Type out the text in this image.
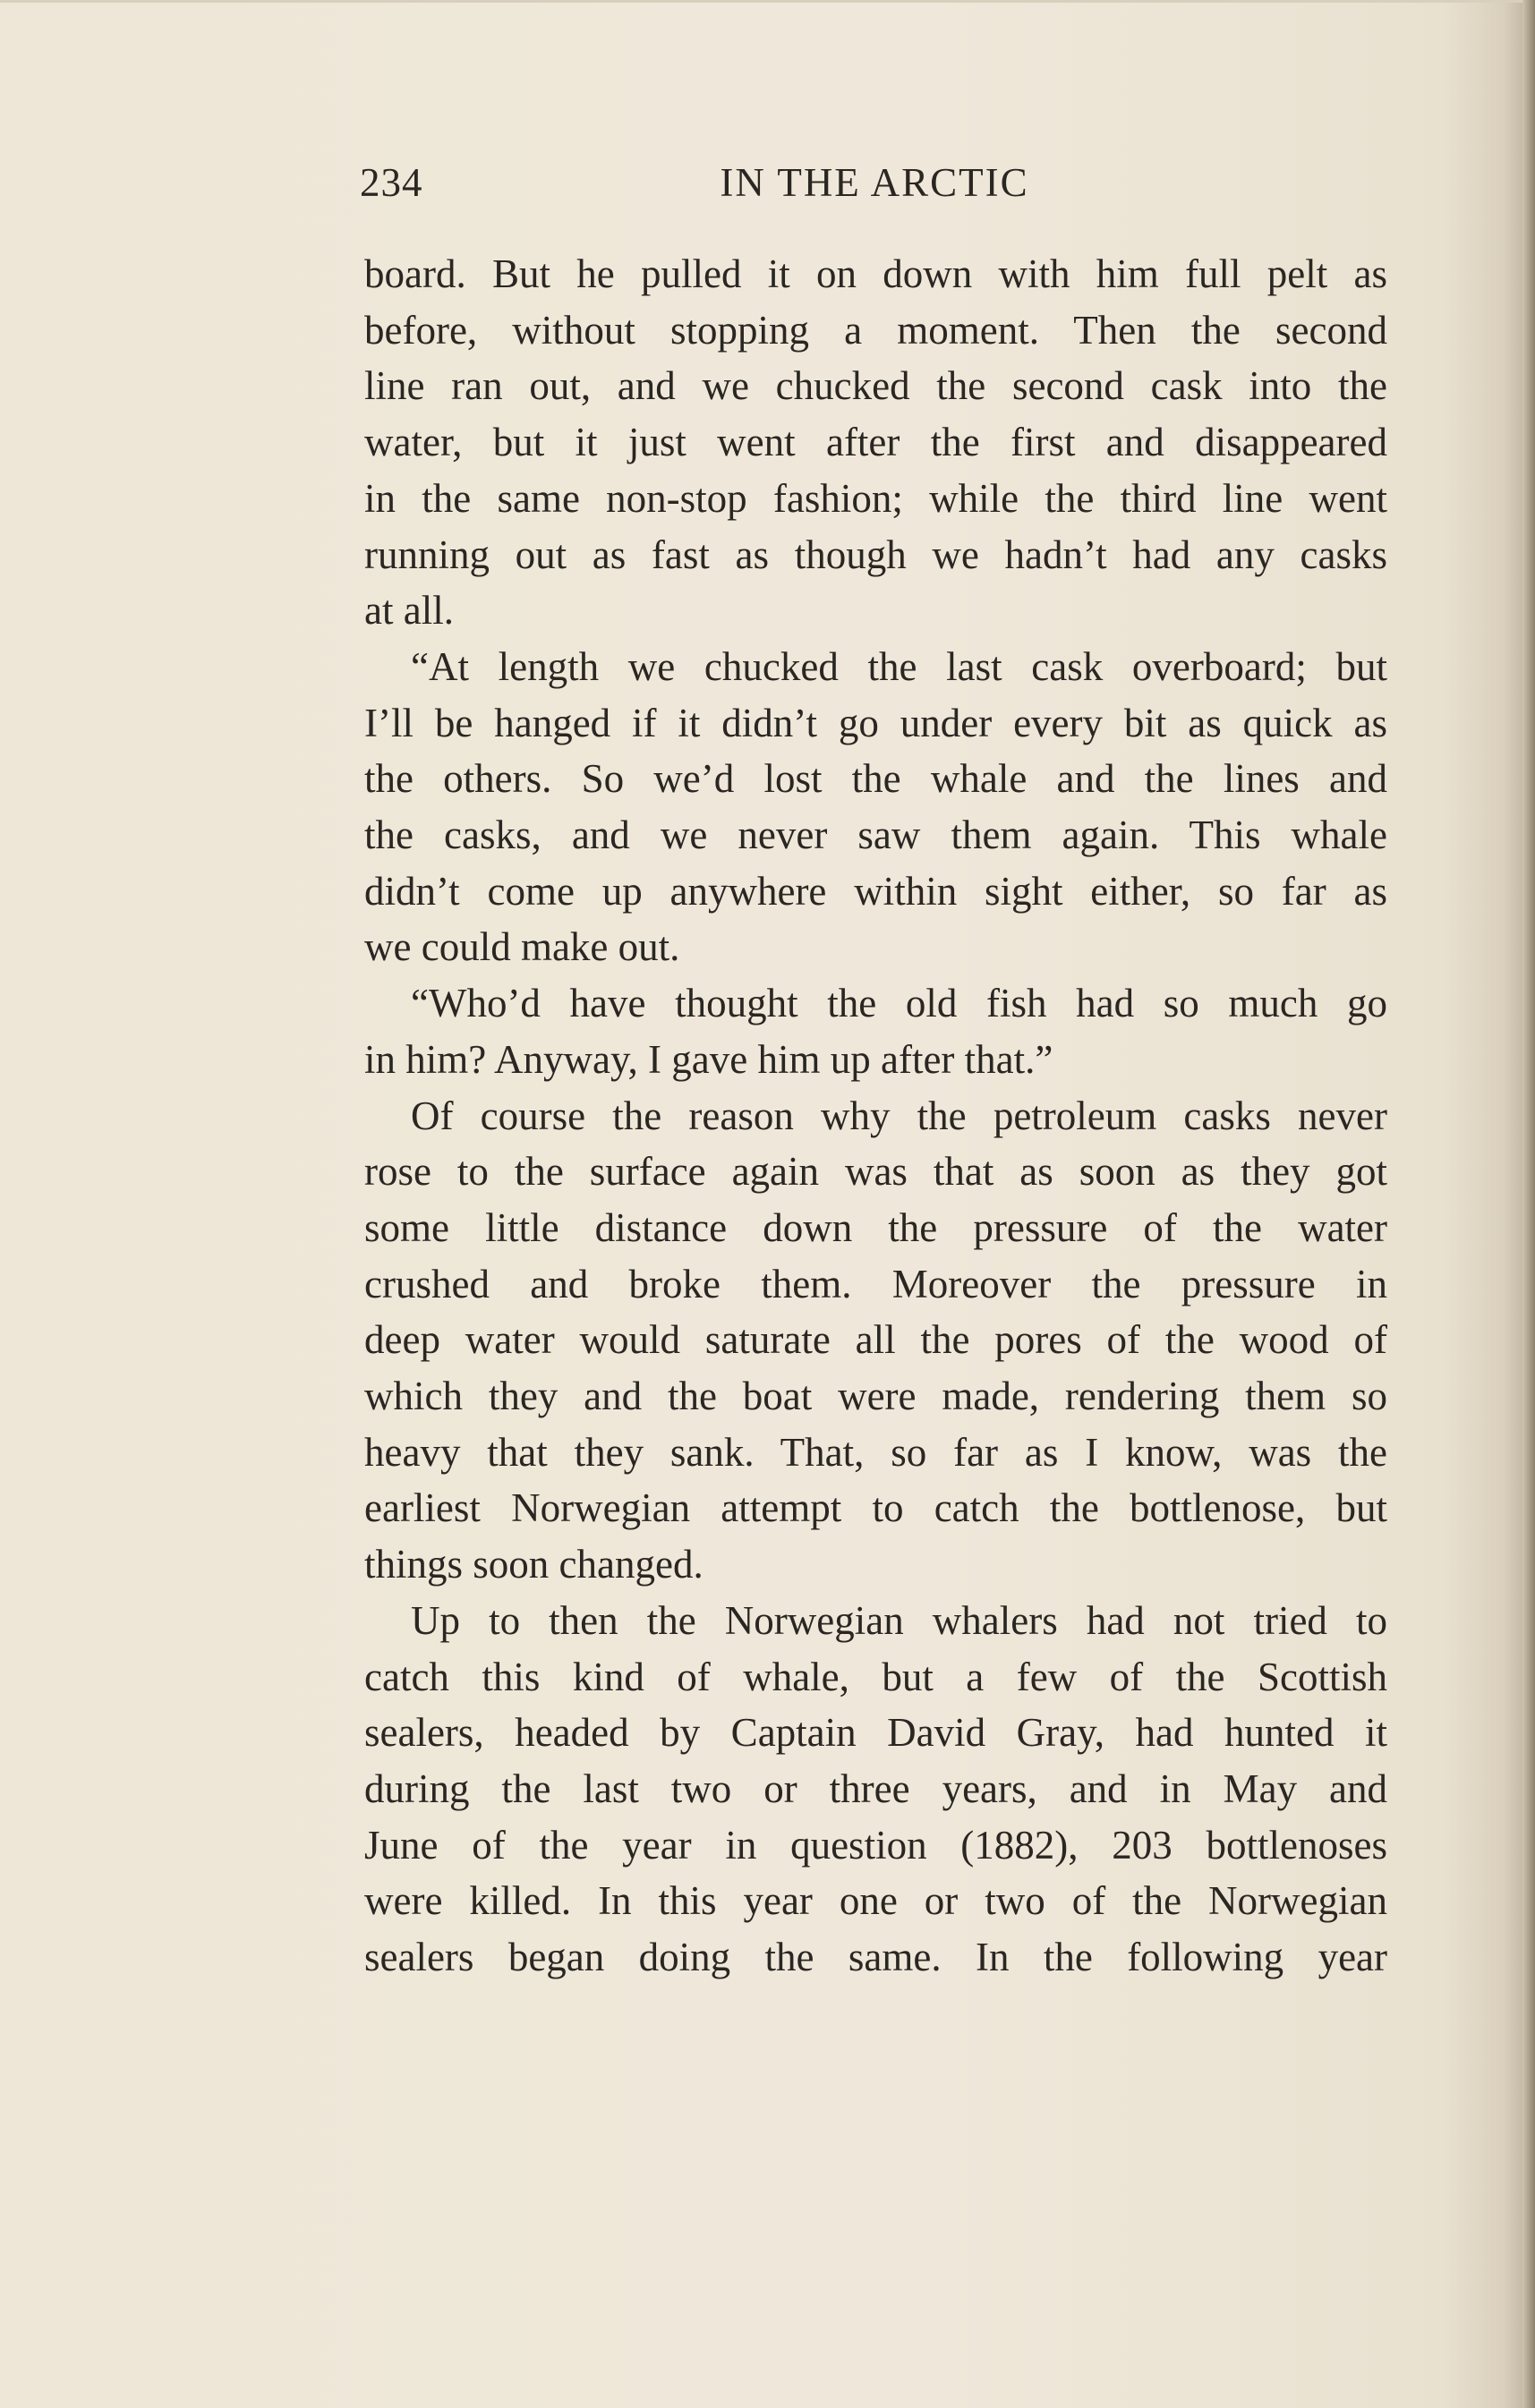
234	IN THE ARCTIC
board. But he pulled it on down with him full pelt as
before, without stopping a moment. Then the second
line ran out, and we chucked the second cask into the
water, but it just went after the first and disappeared
in the same non-stop fashion; while the third line went
running out as fast as though we hadn’t had any casks
at all.
“At length we chucked the last cask overboard; but
I’ll be hanged if it didn’t go under every bit as quick as
the others. So we’d lost the whale and the lines and
the casks, and we never saw them again. This whale
didn’t come up anywhere within sight either, so far as
we could make out.
“Who’d have thought the old fish had so much go
in him? Anyway, I gave him up after that.”
Of course the reason why the petroleum casks never
rose to the surface again was that as soon as they got
some little distance down the pressure of the water
crushed and broke them. Moreover the pressure in
deep water would saturate all the pores of the wood of
which they and the boat were made, rendering them so
heavy that they sank. That, so far as I know, was the
earliest Norwegian attempt to catch the bottlenose, but
things soon changed.
Up to then the Norwegian whalers had not tried to
catch this kind of whale, but a few of the Scottish
sealers, headed by Captain David Gray, had hunted it
during the last two or three years, and in May and
June of the year in question (1882), 203 bottlenoses
were killed. In this year one or two of the Norwegian
sealers began doing the same. In the following year
